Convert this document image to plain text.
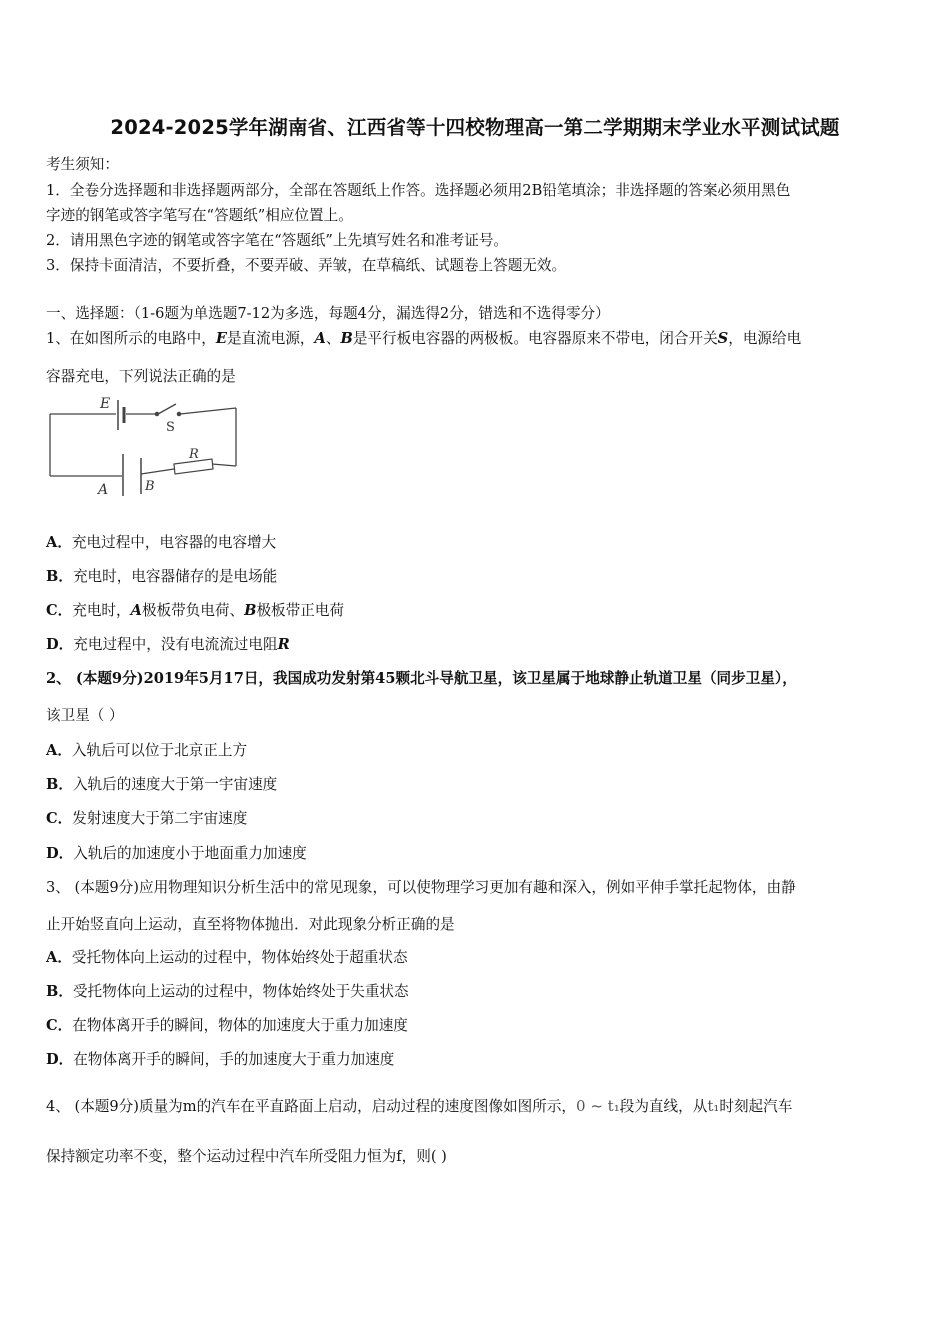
2024-2025学年湖南省、江西省等十四校物理高一第二学期期末学业水平测试试题
考生须知：
1．全卷分选择题和非选择题两部分，全部在答题纸上作答。选择题必须用2B铅笔填涂；非选择题的答案必须用黑色
字迹的钢笔或答字笔写在“答题纸”相应位置上。
2．请用黑色字迹的钢笔或答字笔在“答题纸”上先填写姓名和准考证号。
3．保持卡面清洁，不要折叠，不要弄破、弄皱，在草稿纸、试题卷上答题无效。
一、选择题：（1-6题为单选题7-12为多选，每题4分，漏选得2分，错选和不选得零分）
1、在如图所示的电路中，E是直流电源，A、B是平行板电容器的两极板。电容器原来不带电，闭合开关S，电源给电
容器充电，下列说法正确的是
E
S
R
A	B
A．充电过程中，电容器的电容增大
B．充电时，电容器储存的是电场能
C．充电时，A极板带负电荷、B极板带正电荷
D．充电过程中，没有电流流过电阻R
2、 (本题9分)2019年5月17日，我国成功发射第45颗北斗导航卫星，该卫星属于地球静止轨道卫星（同步卫星），
该卫星（ ）
A．入轨后可以位于北京正上方
B．入轨后的速度大于第一宇宙速度
C．发射速度大于第二宇宙速度
D．入轨后的加速度小于地面重力加速度
3、 (本题9分)应用物理知识分析生活中的常见现象，可以使物理学习更加有趣和深入，例如平伸手掌托起物体，由静
止开始竖直向上运动，直至将物体抛出．对此现象分析正确的是
A．受托物体向上运动的过程中，物体始终处于超重状态
B．受托物体向上运动的过程中，物体始终处于失重状态
C．在物体离开手的瞬间，物体的加速度大于重力加速度
D．在物体离开手的瞬间，手的加速度大于重力加速度
4、 (本题9分)质量为m的汽车在平直路面上启动，启动过程的速度图像如图所示，0 ~ t₁段为直线，从t₁时刻起汽车
保持额定功率不变，整个运动过程中汽车所受阻力恒为f，则( )
